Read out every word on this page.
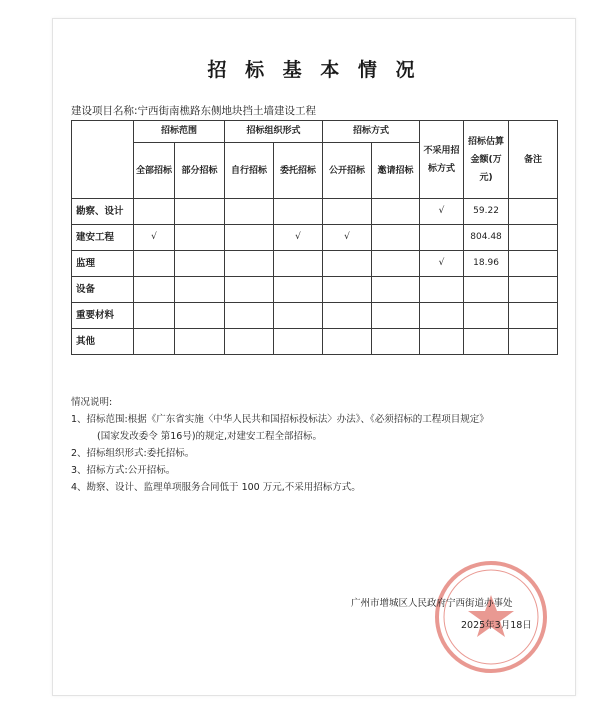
招 标 基 本 情 况
建设项目名称:宁西街南樵路东侧地块挡土墙建设工程
	招标范围		招标组织形式		招标方式		不采用招标方式	招标估算金额(万元)	备注
	全部招标	部分招标	自行招标	委托招标	公开招标	邀请招标			
勘察、设计							√	59.22	
建安工程	√			√	√			804.48	
监理							√	18.96	
设备									
重要材料									
其他									

情况说明:

1、招标范围:根据《广东省实施〈中华人民共和国招标投标法〉办法》、《必须招标的工程项目规定》

(国家发改委令 第16号)的规定,对建安工程全部招标。

2、招标组织形式:委托招标。

3、招标方式:公开招标。

4、勘察、设计、监理单项服务合同低于 100 万元,不采用招标方式。

广州市增城区人民政府宁西街道办事处
2025年3月18日
